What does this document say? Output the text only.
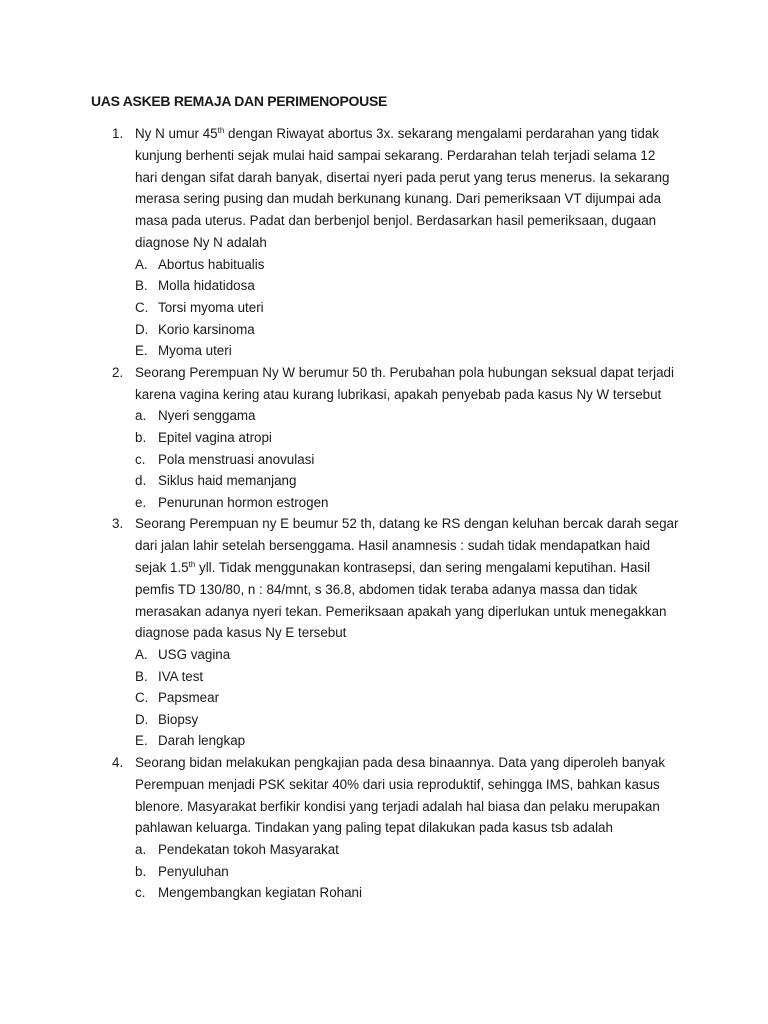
UAS ASKEB REMAJA DAN PERIMENOPOUSE
1. Ny N umur 45th dengan Riwayat abortus 3x. sekarang mengalami perdarahan yang tidak kunjung berhenti sejak mulai haid sampai sekarang. Perdarahan telah terjadi selama 12 hari dengan sifat darah banyak, disertai nyeri pada perut yang terus menerus. Ia sekarang merasa sering pusing dan mudah berkunang kunang. Dari pemeriksaan VT dijumpai ada masa pada uterus. Padat dan berbenjol benjol. Berdasarkan hasil pemeriksaan, dugaan diagnose Ny N adalah
A. Abortus habitualis
B. Molla hidatidosa
C. Torsi myoma uteri
D. Korio karsinoma
E. Myoma uteri
2. Seorang Perempuan Ny W berumur 50 th. Perubahan pola hubungan seksual dapat terjadi karena vagina kering atau kurang lubrikasi, apakah penyebab pada kasus Ny W tersebut
a. Nyeri senggama
b. Epitel vagina atropi
c. Pola menstruasi anovulasi
d. Siklus haid memanjang
e. Penurunan hormon estrogen
3. Seorang Perempuan ny E beumur 52 th, datang ke RS dengan keluhan bercak darah segar dari jalan lahir setelah bersenggama. Hasil anamnesis : sudah tidak mendapatkan haid sejak 1.5th yll. Tidak menggunakan kontrasepsi, dan sering mengalami keputihan. Hasil pemfis TD 130/80, n : 84/mnt, s 36.8, abdomen tidak teraba adanya massa dan tidak merasakan adanya nyeri tekan. Pemeriksaan apakah yang diperlukan untuk menegakkan diagnose pada kasus Ny E tersebut
A. USG vagina
B. IVA test
C. Papsmear
D. Biopsy
E. Darah lengkap
4. Seorang bidan melakukan pengkajian pada desa binaannya. Data yang diperoleh banyak Perempuan menjadi PSK sekitar 40% dari usia reproduktif, sehingga IMS, bahkan kasus blenore. Masyarakat berfikir kondisi yang terjadi adalah hal biasa dan pelaku merupakan pahlawan keluarga. Tindakan yang paling tepat dilakukan pada kasus tsb adalah
a. Pendekatan tokoh Masyarakat
b. Penyuluhan
c. Mengembangkan kegiatan Rohani
